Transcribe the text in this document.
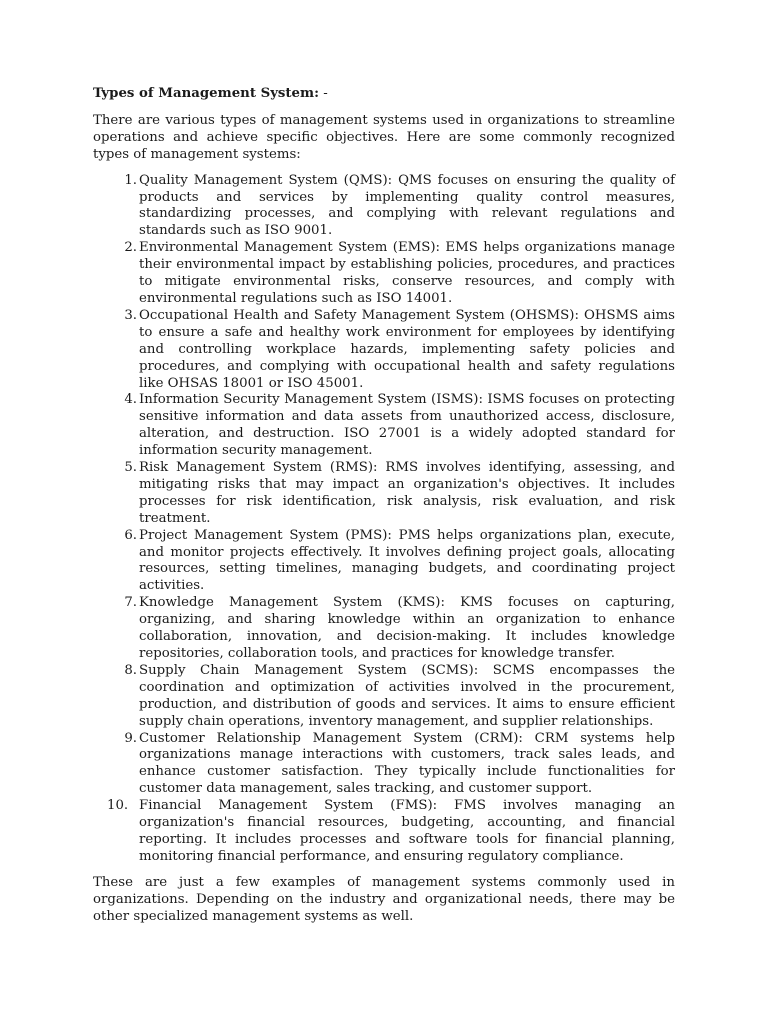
Types of Management System: -

There are various types of management systems used in organizations to streamline operations and achieve specific objectives. Here are some commonly recognized types of management systems:

1. Quality Management System (QMS): QMS focuses on ensuring the quality of products and services by implementing quality control measures, standardizing processes, and complying with relevant regulations and standards such as ISO 9001.
2. Environmental Management System (EMS): EMS helps organizations manage their environmental impact by establishing policies, procedures, and practices to mitigate environmental risks, conserve resources, and comply with environmental regulations such as ISO 14001.
3. Occupational Health and Safety Management System (OHSMS): OHSMS aims to ensure a safe and healthy work environment for employees by identifying and controlling workplace hazards, implementing safety policies and procedures, and complying with occupational health and safety regulations like OHSAS 18001 or ISO 45001.
4. Information Security Management System (ISMS): ISMS focuses on protecting sensitive information and data assets from unauthorized access, disclosure, alteration, and destruction. ISO 27001 is a widely adopted standard for information security management.
5. Risk Management System (RMS): RMS involves identifying, assessing, and mitigating risks that may impact an organization's objectives. It includes processes for risk identification, risk analysis, risk evaluation, and risk treatment.
6. Project Management System (PMS): PMS helps organizations plan, execute, and monitor projects effectively. It involves defining project goals, allocating resources, setting timelines, managing budgets, and coordinating project activities.
7. Knowledge Management System (KMS): KMS focuses on capturing, organizing, and sharing knowledge within an organization to enhance collaboration, innovation, and decision-making. It includes knowledge repositories, collaboration tools, and practices for knowledge transfer.
8. Supply Chain Management System (SCMS): SCMS encompasses the coordination and optimization of activities involved in the procurement, production, and distribution of goods and services. It aims to ensure efficient supply chain operations, inventory management, and supplier relationships.
9. Customer Relationship Management System (CRM): CRM systems help organizations manage interactions with customers, track sales leads, and enhance customer satisfaction. They typically include functionalities for customer data management, sales tracking, and customer support.
10. Financial Management System (FMS): FMS involves managing an organization's financial resources, budgeting, accounting, and financial reporting. It includes processes and software tools for financial planning, monitoring financial performance, and ensuring regulatory compliance.

These are just a few examples of management systems commonly used in organizations. Depending on the industry and organizational needs, there may be other specialized management systems as well.
